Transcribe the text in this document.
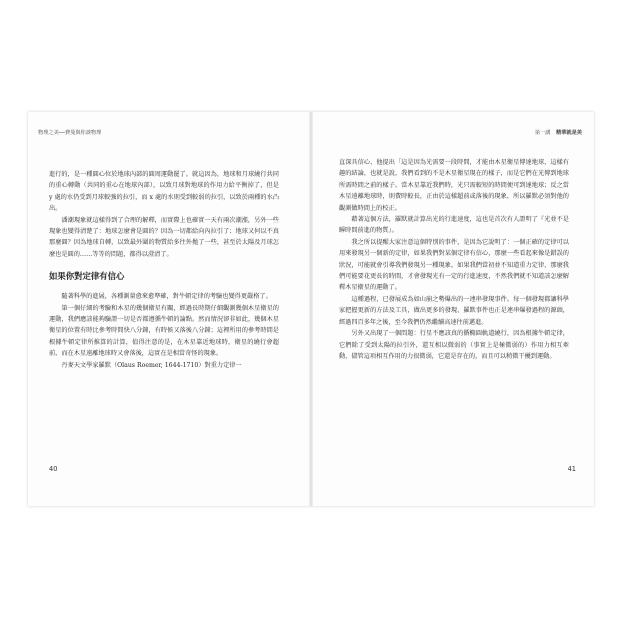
物理之美──費曼與你談物理

進行的，是一種圓心位於地球內部的圓周運動罷了。就這因為，地球和月球繞行共同的重心轉動（共同的重心在地球內部），以致月球對地球的作用力給平衡掉了，但是 y 處的水仍受到月球較強的拉引，而 x 處的水則受到較弱的拉引，以致於兩種的水凸出。

潘潮現象就這樣得到了合理的解釋，而實際上也確實一天有兩次潮漲，另外一些現象也變得清楚了：地球怎麼會是圓的？因為一切都給向內拉引了；地球又何以不真那麼圓？因為地球自轉，以致最外圍的物質給多往外拋了一些，甚至於太陽及月球怎麼也是圓的……等等的問題，都得以澄清了。

如果你對定律有信心

隨著科學的進展，各種測量愈來愈準確，對牛頓定律的考驗也變得更嚴格了。

第一個仔細的考驗和木星的幾個衛星有關，經過長時期仔細觀測幾個木星衛星的運動，我們應該能夠驗證一切是否都遵循牛頓的論點。然而情況卻非如此，幾個木星衛星的位置有時比參考時間快八分鐘，有時候又落後八分鐘；這裡所用的參考時間是根據牛頓定律所推算的計算，值得注意的是，在木星靠近地球時，衛星的繞行會超前，而在木星遠離地球時又會落後，這實在是相當奇怪的現象。

丹麥天文學家羅默（Olaus Roemer, 1644-1710）對重力定律一

40
第一講 精華就是美

直深具信心，他提出「這是因為光需要一段時間，才能由木星衛星傳達地球，這樣有趣的結論，也就是說，我們看到的不是木星衛星現在的樣子，而是它們在光傳到地球所需時間之前的樣子。當木星靠近我們時，光只需較短的時間便可到達地球；反之當木星遠離地球時，則費時較長，正由於這樣超前或落後的現象，所以羅默必須對他的觀測做時間上的校正。

藉著這個方法，羅默就計算出光的行進速度，這也是首次有人證明了『光並不是瞬時間前進的物質』。

我之所以提醒大家注意這個特別的事件，是因為它說明了：一個正確的定律可以用來發現另一個新的定律，如果我們對某個定律有信心，那麼一些看起來像是錯誤的狀況，可能就會引導我們發現另一種現象。如果我們當初並不知道重力定律，那麼我們可能要花更長的時間，才會發現光有一定的行進速度，不然我們就不知道該怎麼解釋木星衛星的運動了。

這種過程，已發展成為如山崩之勢爆出的一連串發現事件。每一個發現都讓科學家把握更新的方法及工具，做出更多的發現，羅默事件也正是連串爆發過程的源頭，經過四百多年之後，至今我們仍然繼續高速往前邁進。

另外又出現了一個問題：行星不應該真的循橢圓軌道繞行，因為根據牛頓定律，它們除了受到太陽的拉引外，還互相以微弱的（事實上是極微弱的）作用力相互牽動，儘管這項相互作用的力很微弱，它還是存在的，而且可以稍微干擾到運動。

41
